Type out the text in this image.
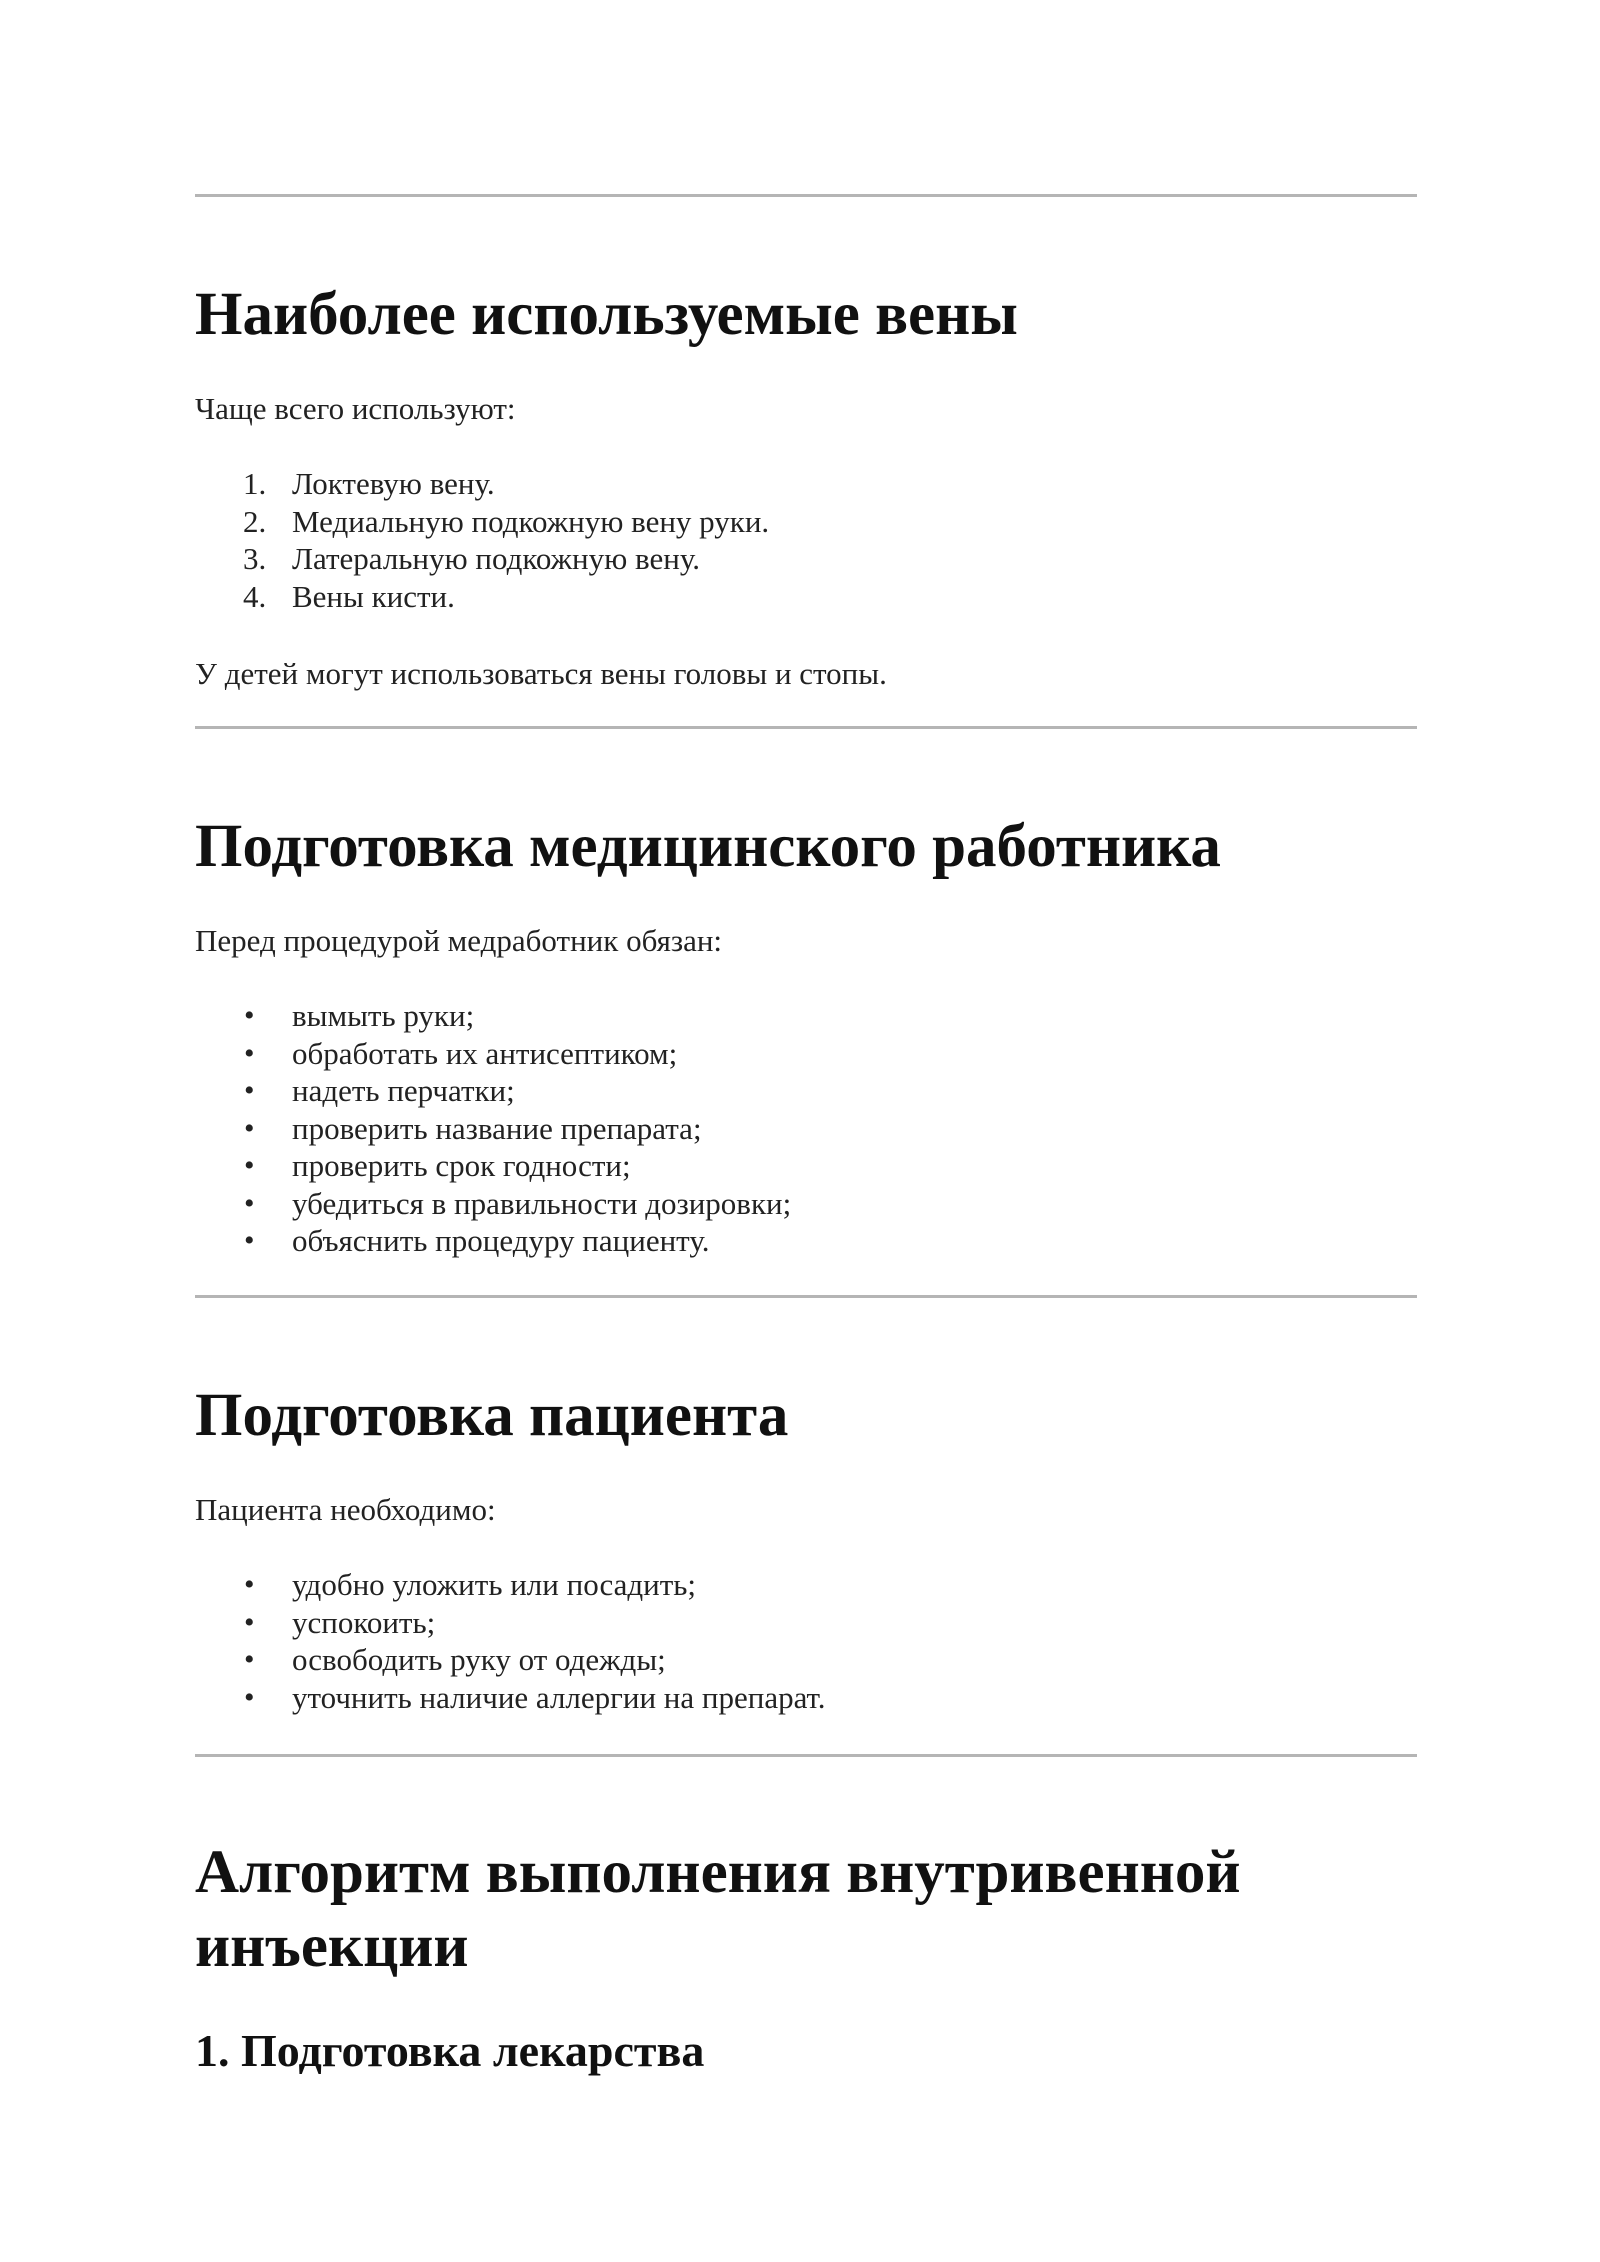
Наиболее используемые вены

Чаще всего используют:

1. Локтевую вену.
2. Медиальную подкожную вену руки.
3. Латеральную подкожную вену.
4. Вены кисти.

У детей могут использоваться вены головы и стопы.

Подготовка медицинского работника

Перед процедурой медработник обязан:

• вымыть руки;
• обработать их антисептиком;
• надеть перчатки;
• проверить название препарата;
• проверить срок годности;
• убедиться в правильности дозировки;
• объяснить процедуру пациенту.
Подготовка пациента

Пациента необходимо:

• удобно уложить или посадить;
• успокоить;
• освободить руку от одежды;
• уточнить наличие аллергии на препарат.
Алгоритм выполнения внутривенной
инъекции
1. Подготовка лекарства
